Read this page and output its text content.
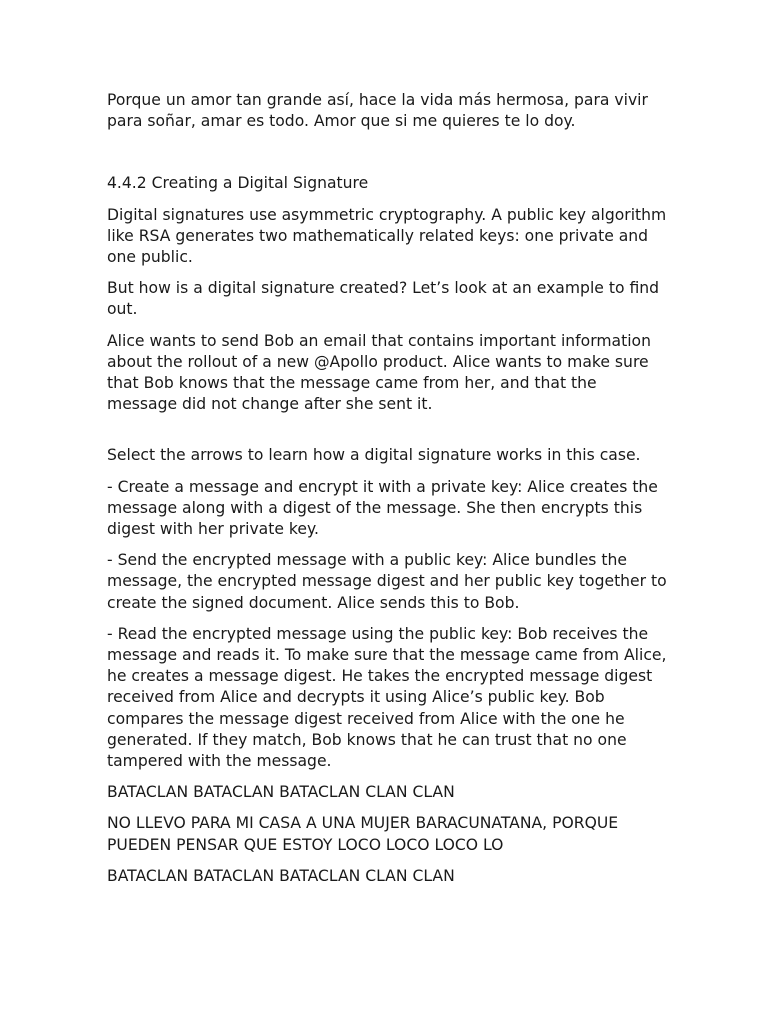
Porque un amor tan grande así, hace la vida más hermosa, para vivir para soñar, amar es todo. Amor que si me quieres te lo doy.

4.4.2 Creating a Digital Signature

Digital signatures use asymmetric cryptography. A public key algorithm like RSA generates two mathematically related keys: one private and one public.

But how is a digital signature created? Let’s look at an example to find out.

Alice wants to send Bob an email that contains important information about the rollout of a new @Apollo product. Alice wants to make sure that Bob knows that the message came from her, and that the message did not change after she sent it.

Select the arrows to learn how a digital signature works in this case.

- Create a message and encrypt it with a private key: Alice creates the message along with a digest of the message. She then encrypts this digest with her private key.

- Send the encrypted message with a public key: Alice bundles the message, the encrypted message digest and her public key together to create the signed document. Alice sends this to Bob.

- Read the encrypted message using the public key: Bob receives the message and reads it. To make sure that the message came from Alice, he creates a message digest. He takes the encrypted message digest received from Alice and decrypts it using Alice’s public key. Bob compares the message digest received from Alice with the one he generated. If they match, Bob knows that he can trust that no one tampered with the message.

BATACLAN BATACLAN BATACLAN CLAN CLAN

NO LLEVO PARA MI CASA A UNA MUJER BARACUNATANA, PORQUE PUEDEN PENSAR QUE ESTOY LOCO LOCO LOCO LO

BATACLAN BATACLAN BATACLAN CLAN CLAN
